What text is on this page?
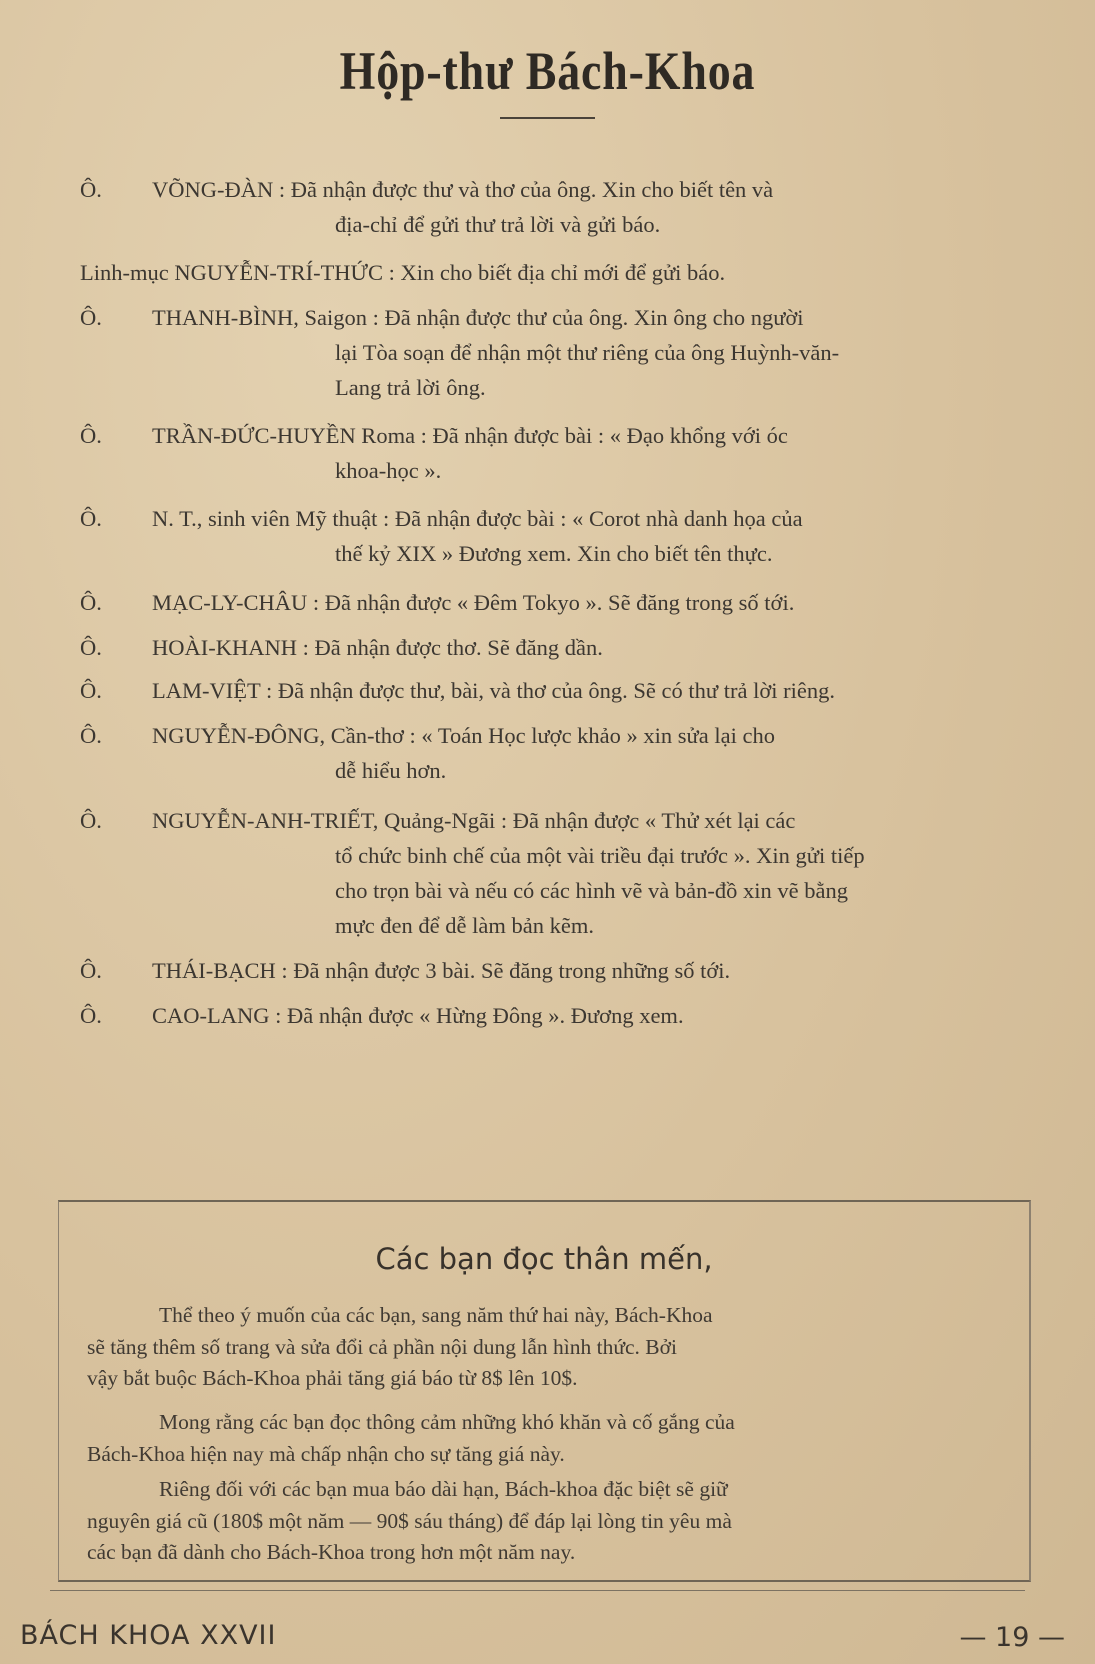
Hộp-thư Bách-Khoa
Ô. VÕNG-ĐÀN : Đã nhận được thư và thơ của ông. Xin cho biết tên và
địa-chỉ để gửi thư trả lời và gửi báo.
Linh-mục NGUYỄN-TRÍ-THỨC : Xin cho biết địa chỉ mới để gửi báo.
Ô. THANH-BÌNH, Saigon : Đã nhận được thư của ông. Xin ông cho người
lại Tòa soạn để nhận một thư riêng của ông Huỳnh-văn-
Lang trả lời ông.
Ô. TRẦN-ĐỨC-HUYỀN Roma : Đã nhận được bài : « Đạo khổng với óc
khoa-học ».
Ô. N. T., sinh viên Mỹ thuật : Đã nhận được bài : « Corot nhà danh họa của
thế kỷ XIX » Đương xem. Xin cho biết tên thực.
Ô. MẠC-LY-CHÂU : Đã nhận được « Đêm Tokyo ». Sẽ đăng trong số tới.
Ô. HOÀI-KHANH : Đã nhận được thơ. Sẽ đăng dần.
Ô. LAM-VIỆT : Đã nhận được thư, bài, và thơ của ông. Sẽ có thư trả lời riêng.
Ô. NGUYỄN-ĐÔNG, Cần-thơ : « Toán Học lược khảo » xin sửa lại cho
dễ hiểu hơn.
Ô. NGUYỄN-ANH-TRIẾT, Quảng-Ngãi : Đã nhận được « Thử xét lại các
tổ chức binh chế của một vài triều đại trước ». Xin gửi tiếp
cho trọn bài và nếu có các hình vẽ và bản-đồ xin vẽ bằng
mực đen để dễ làm bản kẽm.
Ô. THÁI-BẠCH : Đã nhận được 3 bài. Sẽ đăng trong những số tới.
Ô. CAO-LANG : Đã nhận được « Hừng Đông ». Đương xem.
Các bạn đọc thân mến,
Thể theo ý muốn của các bạn, sang năm thứ hai này, Bách-Khoa
sẽ tăng thêm số trang và sửa đổi cả phần nội dung lẫn hình thức. Bởi
vậy bắt buộc Bách-Khoa phải tăng giá báo từ 8$ lên 10$.
Mong rằng các bạn đọc thông cảm những khó khăn và cố gắng của
Bách-Khoa hiện nay mà chấp nhận cho sự tăng giá này.
Riêng đối với các bạn mua báo dài hạn, Bách-khoa đặc biệt sẽ giữ
nguyên giá cũ (180$ một năm — 90$ sáu tháng) để đáp lại lòng tin yêu mà
các bạn đã dành cho Bách-Khoa trong hơn một năm nay.
BÁCH KHOA XXVII	— 19 —
